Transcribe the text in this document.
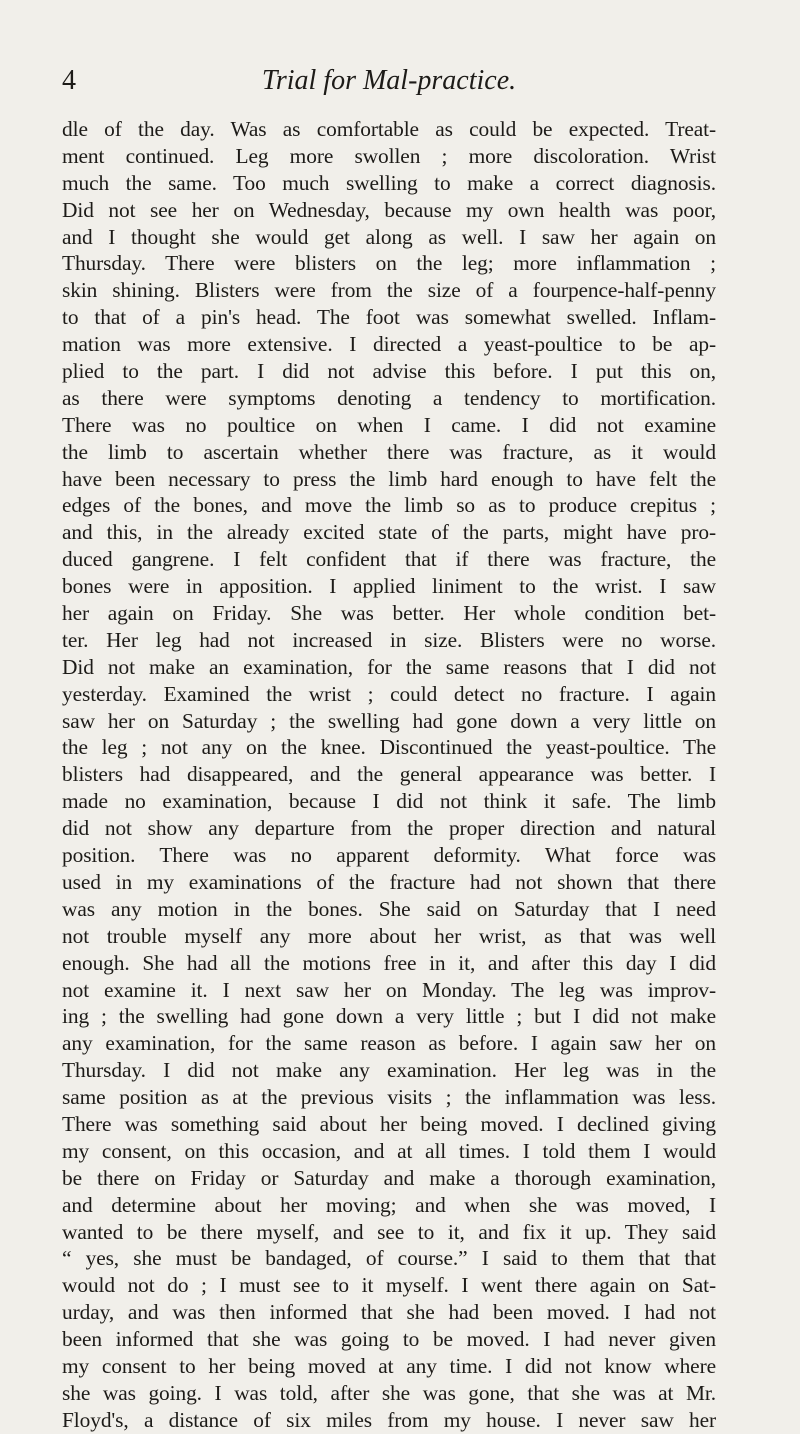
4	Trial for Mal-practice.
dle of the day. Was as comfortable as could be expected. Treat-
ment continued. Leg more swollen ; more discoloration. Wrist
much the same. Too much swelling to make a correct diagnosis.
Did not see her on Wednesday, because my own health was poor,
and I thought she would get along as well. I saw her again on
Thursday. There were blisters on the leg; more inflammation ;
skin shining. Blisters were from the size of a fourpence-half-penny
to that of a pin's head. The foot was somewhat swelled. Inflam-
mation was more extensive. I directed a yeast-poultice to be ap-
plied to the part. I did not advise this before. I put this on,
as there were symptoms denoting a tendency to mortification.
There was no poultice on when I came. I did not examine
the limb to ascertain whether there was fracture, as it would
have been necessary to press the limb hard enough to have felt the
edges of the bones, and move the limb so as to produce crepitus ;
and this, in the already excited state of the parts, might have pro-
duced gangrene. I felt confident that if there was fracture, the
bones were in apposition. I applied liniment to the wrist. I saw
her again on Friday. She was better. Her whole condition bet-
ter. Her leg had not increased in size. Blisters were no worse.
Did not make an examination, for the same reasons that I did not
yesterday. Examined the wrist ; could detect no fracture. I again
saw her on Saturday ; the swelling had gone down a very little on
the leg ; not any on the knee. Discontinued the yeast-poultice. The
blisters had disappeared, and the general appearance was better. I
made no examination, because I did not think it safe. The limb
did not show any departure from the proper direction and natural
position. There was no apparent deformity. What force was
used in my examinations of the fracture had not shown that there
was any motion in the bones. She said on Saturday that I need
not trouble myself any more about her wrist, as that was well
enough. She had all the motions free in it, and after this day I did
not examine it. I next saw her on Monday. The leg was improv-
ing ; the swelling had gone down a very little ; but I did not make
any examination, for the same reason as before. I again saw her on
Thursday. I did not make any examination. Her leg was in the
same position as at the previous visits ; the inflammation was less.
There was something said about her being moved. I declined giving
my consent, on this occasion, and at all times. I told them I would
be there on Friday or Saturday and make a thorough examination,
and determine about her moving; and when she was moved, I
wanted to be there myself, and see to it, and fix it up. They said
“ yes, she must be bandaged, of course.” I said to them that that
would not do ; I must see to it myself. I went there again on Sat-
urday, and was then informed that she had been moved. I had not
been informed that she was going to be moved. I had never given
my consent to her being moved at any time. I did not know where
she was going. I was told, after she was gone, that she was at Mr.
Floyd's, a distance of six miles from my house. I never saw her
